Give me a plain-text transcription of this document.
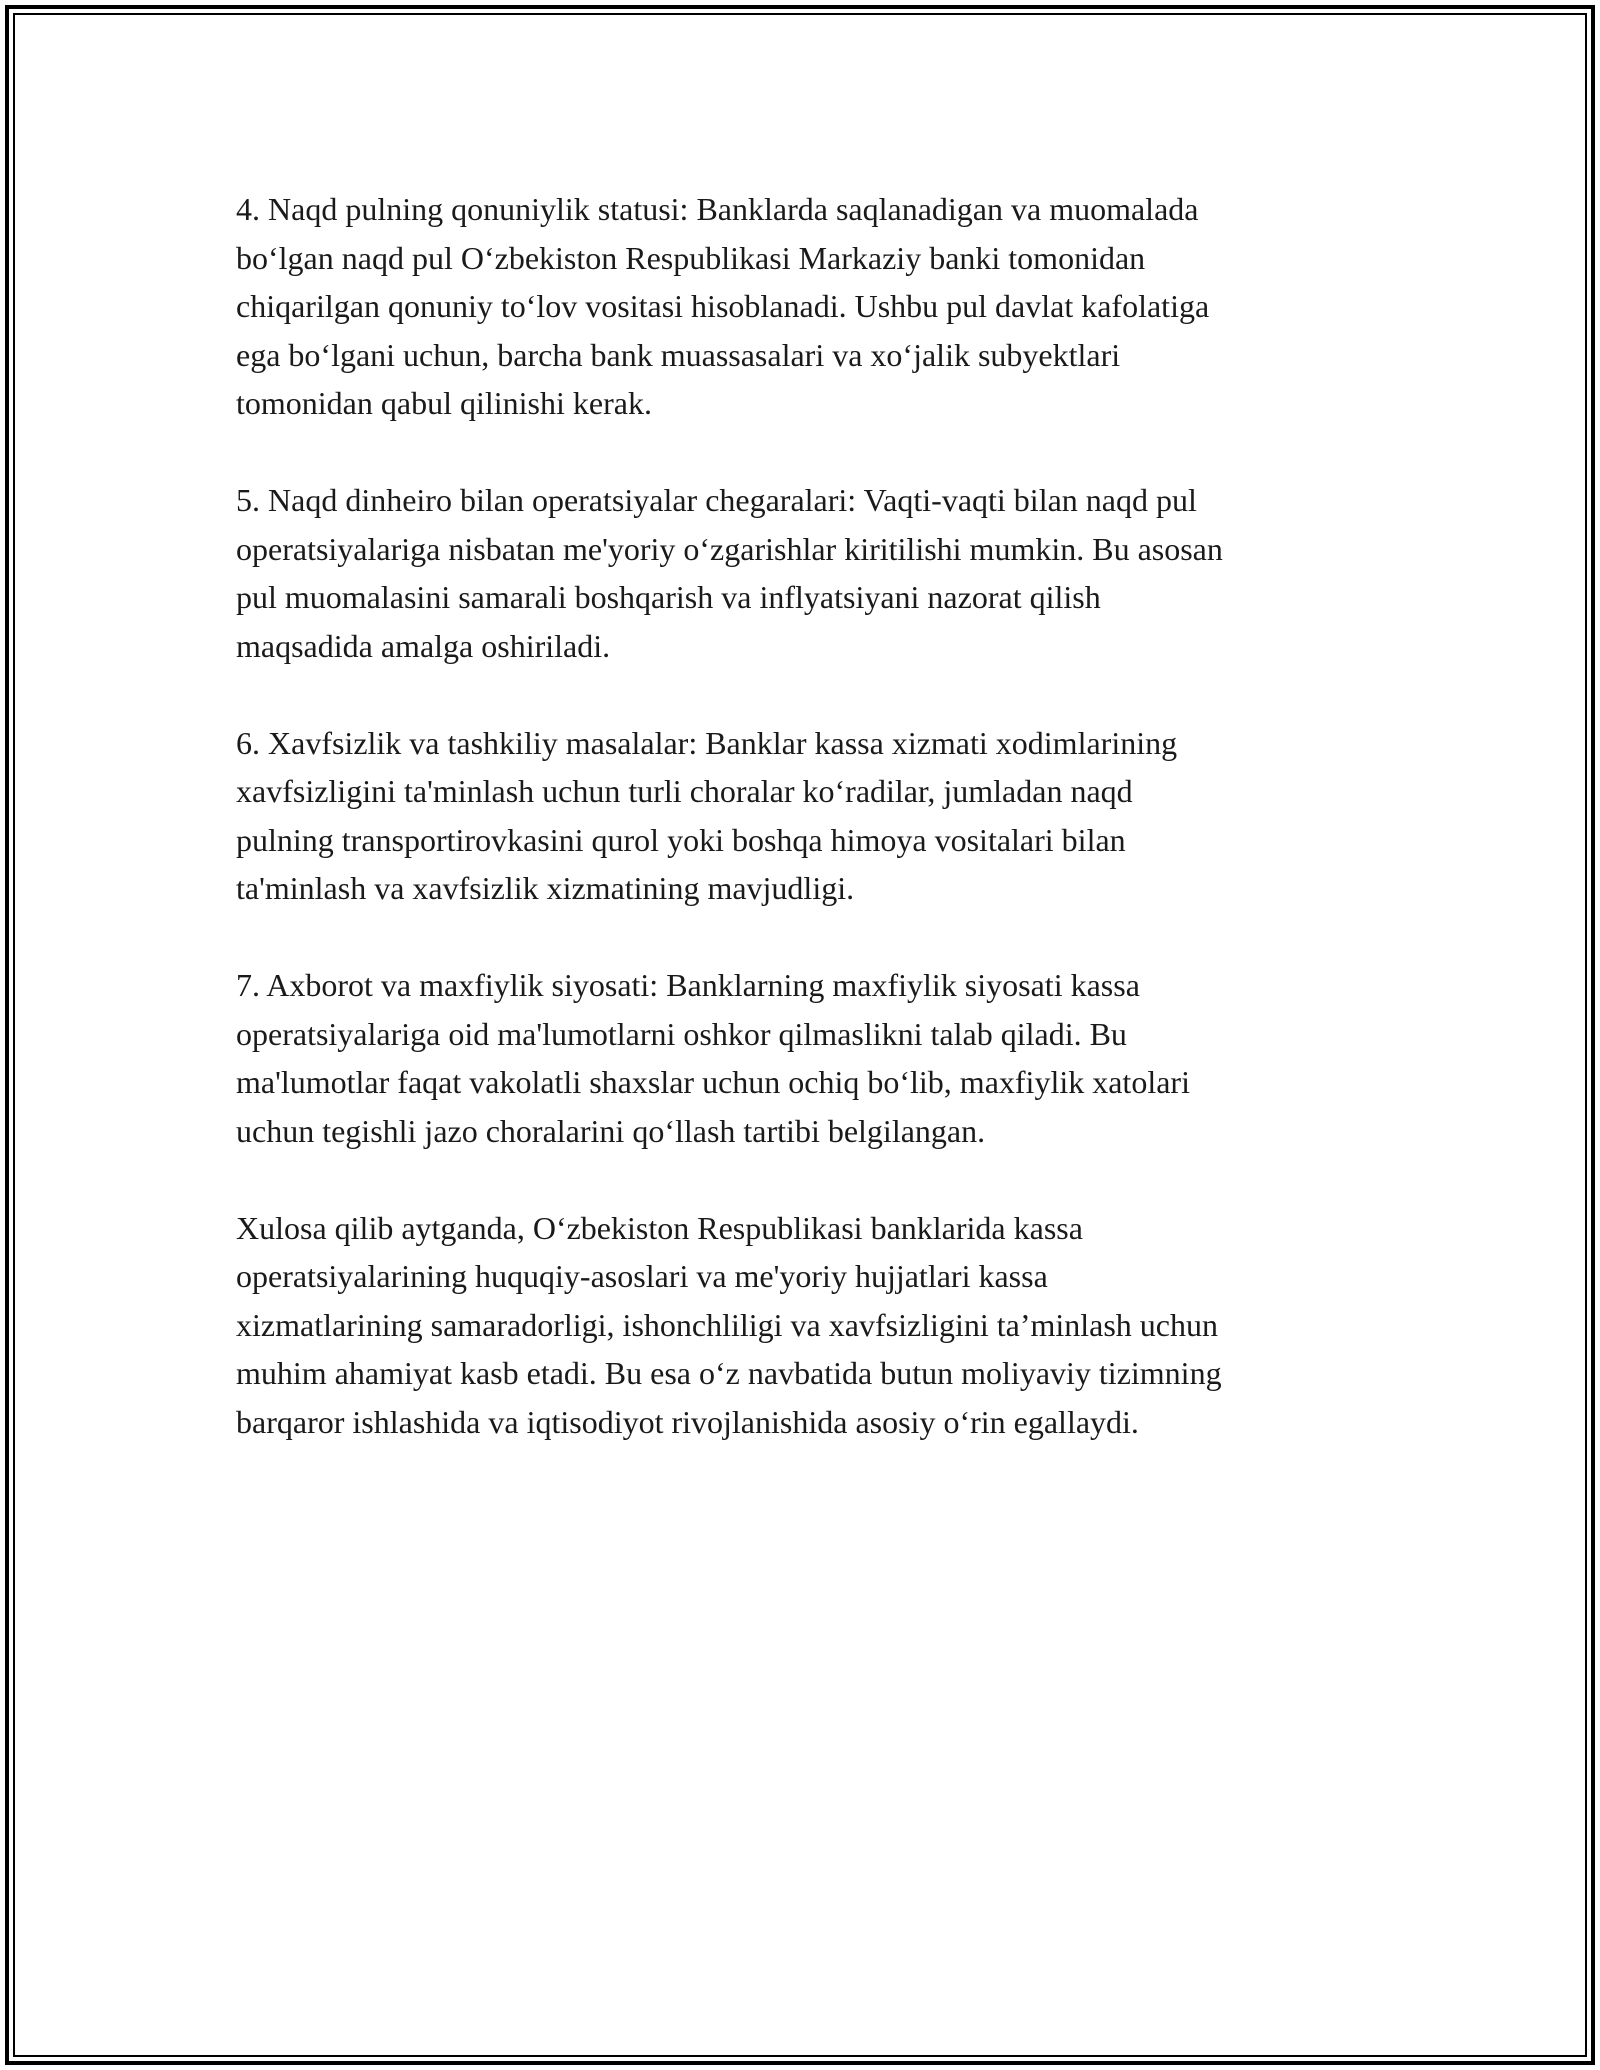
4. Naqd pulning qonuniylik statusi: Banklarda saqlanadigan va muomalada
bo‘lgan naqd pul O‘zbekiston Respublikasi Markaziy banki tomonidan
chiqarilgan qonuniy to‘lov vositasi hisoblanadi. Ushbu pul davlat kafolatiga
ega bo‘lgani uchun, barcha bank muassasalari va xo‘jalik subyektlari
tomonidan qabul qilinishi kerak.

5. Naqd dinheiro bilan operatsiyalar chegaralari: Vaqti-vaqti bilan naqd pul
operatsiyalariga nisbatan me'yoriy o‘zgarishlar kiritilishi mumkin. Bu asosan
pul muomalasini samarali boshqarish va inflyatsiyani nazorat qilish
maqsadida amalga oshiriladi.

6. Xavfsizlik va tashkiliy masalalar: Banklar kassa xizmati xodimlarining
xavfsizligini ta'minlash uchun turli choralar ko‘radilar, jumladan naqd
pulning transportirovkasini qurol yoki boshqa himoya vositalari bilan
ta'minlash va xavfsizlik xizmatining mavjudligi.

7. Axborot va maxfiylik siyosati: Banklarning maxfiylik siyosati kassa
operatsiyalariga oid ma'lumotlarni oshkor qilmaslikni talab qiladi. Bu
ma'lumotlar faqat vakolatli shaxslar uchun ochiq bo‘lib, maxfiylik xatolari
uchun tegishli jazo choralarini qo‘llash tartibi belgilangan.

Xulosa qilib aytganda, O‘zbekiston Respublikasi banklarida kassa
operatsiyalarining huquqiy-asoslari va me'yoriy hujjatlari kassa
xizmatlarining samaradorligi, ishonchliligi va xavfsizligini ta’minlash uchun
muhim ahamiyat kasb etadi. Bu esa o‘z navbatida butun moliyaviy tizimning
barqaror ishlashida va iqtisodiyot rivojlanishida asosiy o‘rin egallaydi.
